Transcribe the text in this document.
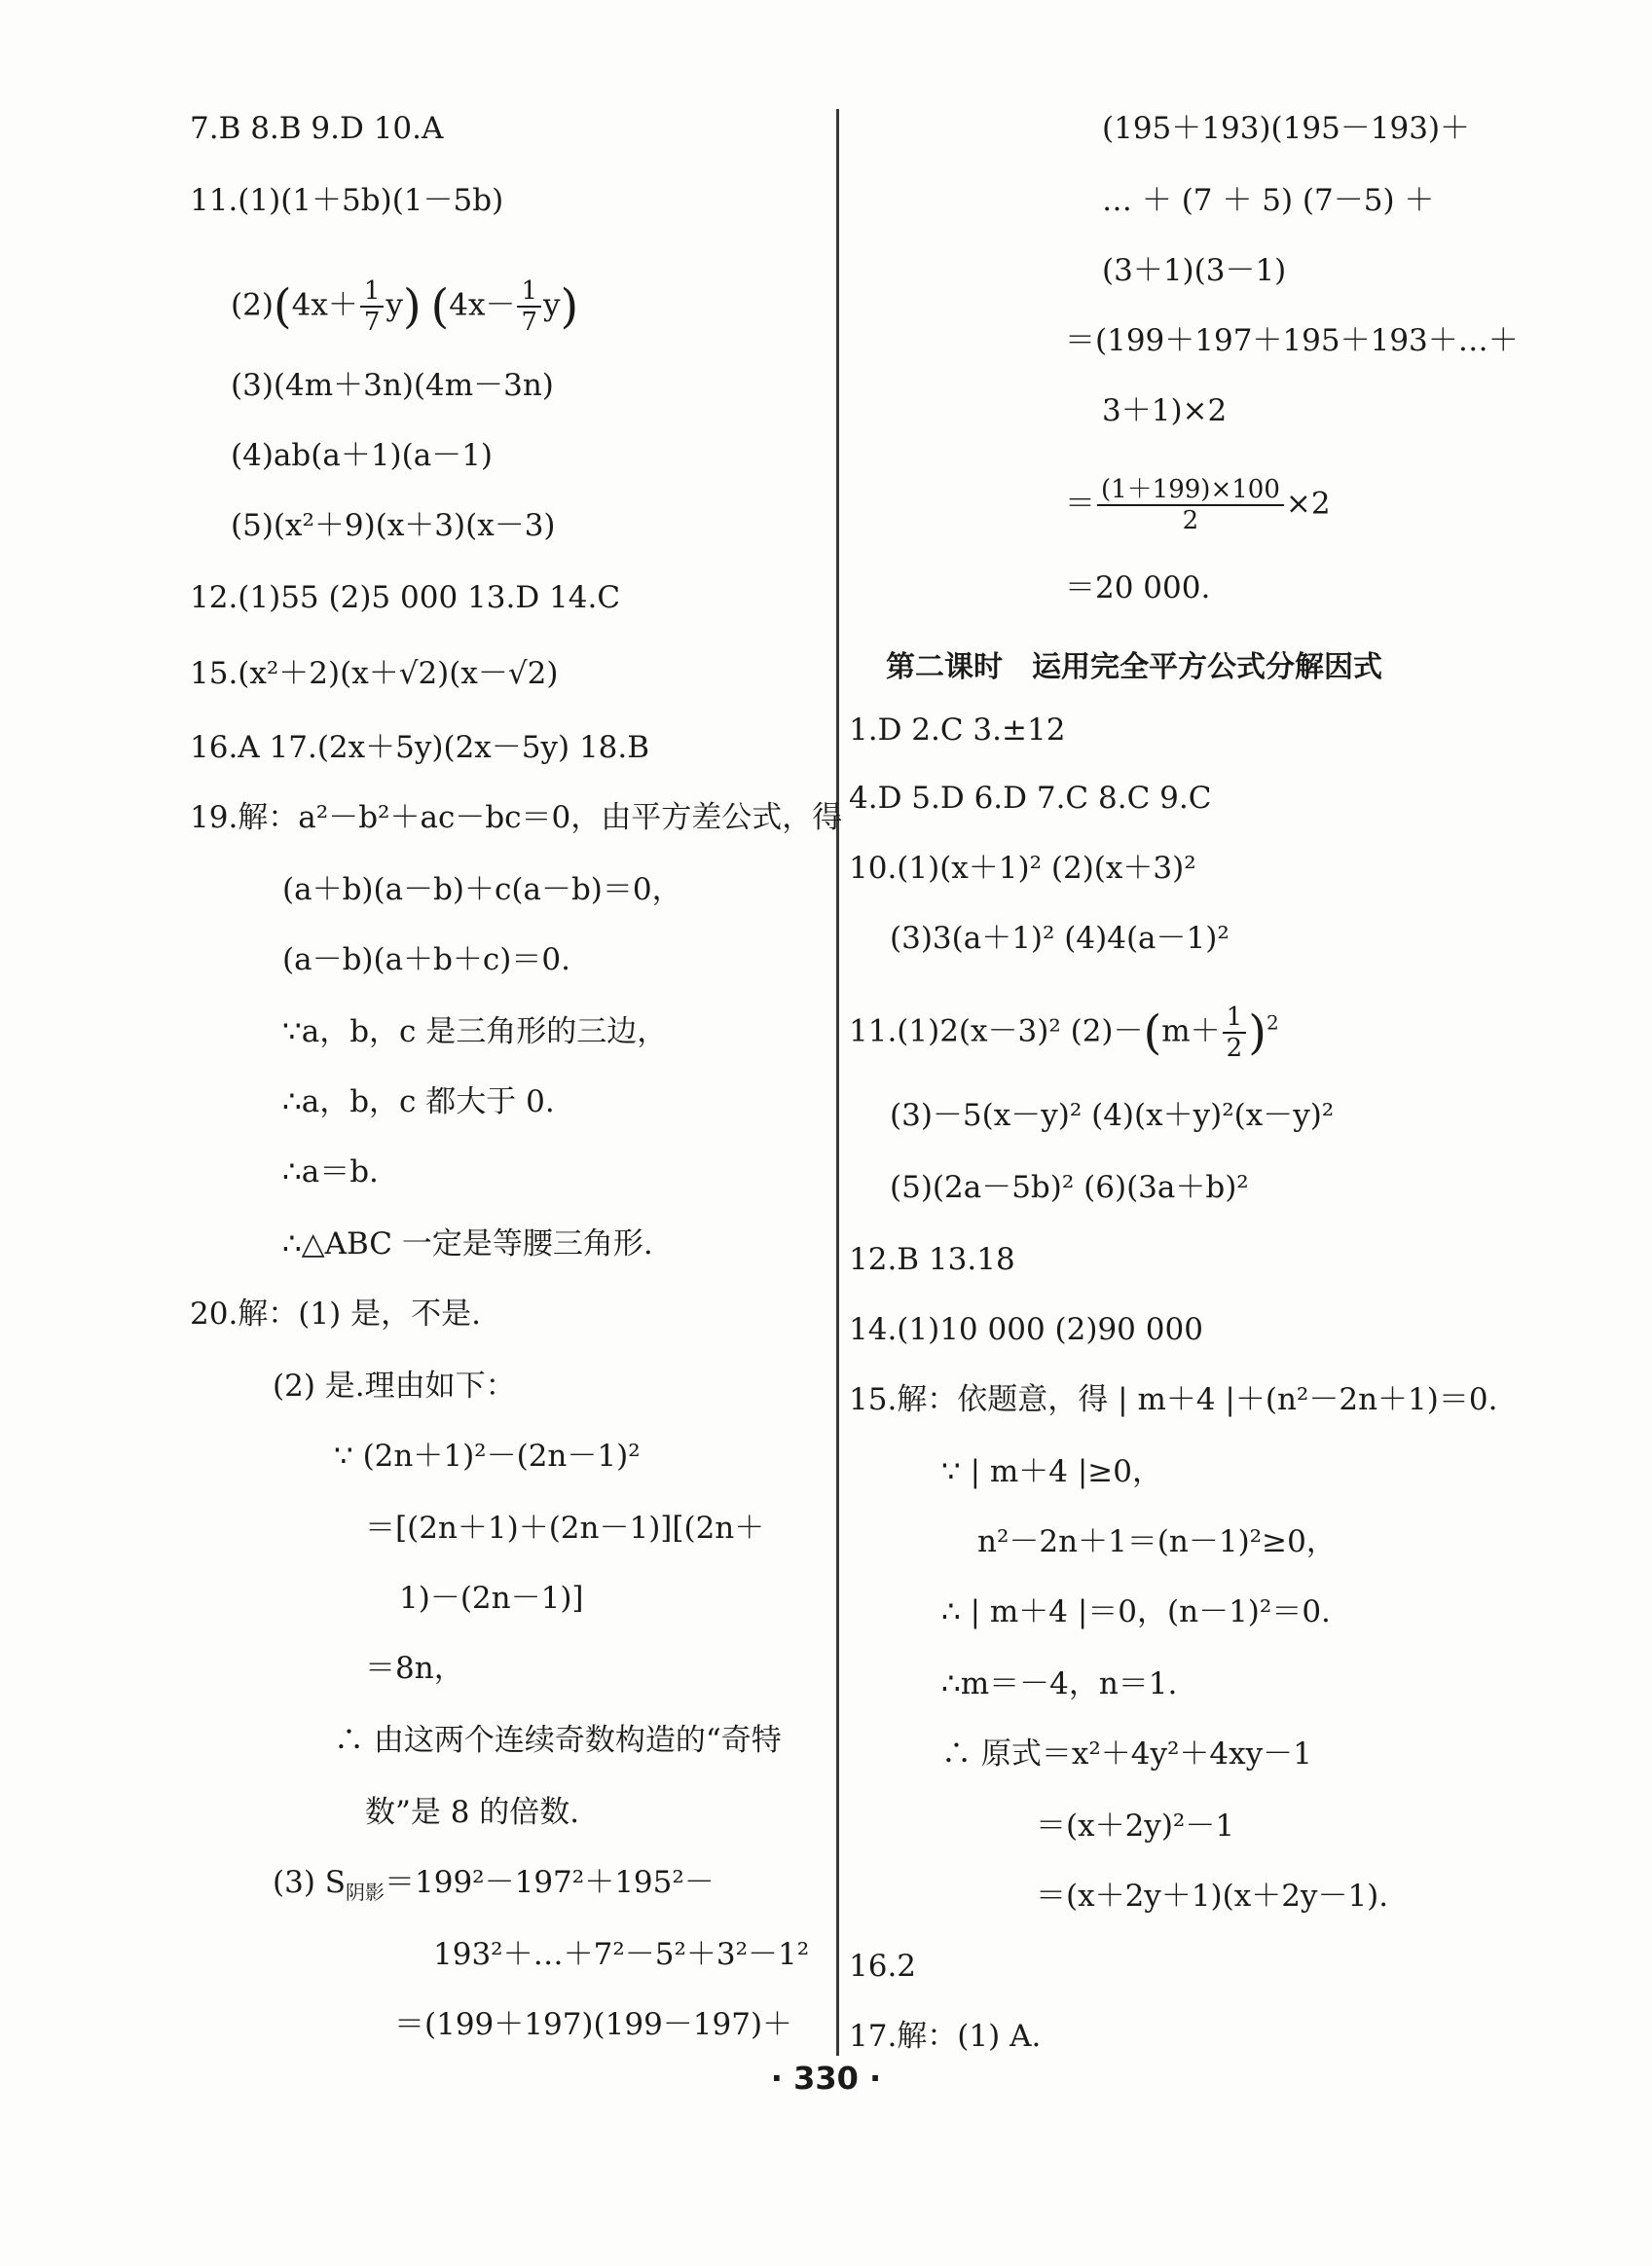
7.B 8.B 9.D 10.A
11.(1)(1＋5b)(1－5b)
$(2)(4x+ \frac{1}{7} y)$ $(4x- \frac{1}{7} y)$
(3)(4m＋3n)(4m－3n)
(4)ab(a＋1)(a－1)
(5)(x²＋9)(x＋3)(x－3)
12.(1)55 (2)5 000 13.D 14.C
15.(x²＋2)(x＋√2)(x－√2)
16.A 17.(2x＋5y)(2x－5y) 18.B
19.解：a²－b²＋ac－bc＝0，由平方差公式，得
(a＋b)(a－b)＋c(a－b)＝0，
(a－b)(a＋b＋c)＝0.
∵a，b，c 是三角形的三边，
∴a，b，c 都大于 0.
∴a＝b.
∴△ABC 一定是等腰三角形.
20.解：(1) 是，不是.
(2) 是.理由如下：
∵ (2n＋1)²－(2n－1)²
＝[(2n＋1)＋(2n－1)][(2n＋
1)－(2n－1)]
＝8n，
∴ 由这两个连续奇数构造的“奇特
数”是 8 的倍数.
(3) $S_{阴影}=199^2-197^2+195^2-$
193²＋…＋7²－5²＋3²－1²
＝(199＋197)(199－197)＋
(195＋193)(195－193)＋
… ＋ (7 ＋ 5) (7－5) ＋
(3＋1)(3－1)
＝(199＋197＋195＋193＋…＋
3＋1)×2
＝ $\frac{(1+199)\times 100}{2} \times 2$
＝20 000.
第二课时　运用完全平方公式分解因式
1.D 2.C 3.±12
4.D 5.D 6.D 7.C 8.C 9.C
10.(1)(x＋1)² (2)(x＋3)²
(3)3(a＋1)² (4)4(a－1)²
11.(1)2(x－3)² $(2)-(m+ \frac{1}{2} )^2$
(3)－5(x－y)² (4)(x＋y)²(x－y)²
(5)(2a－5b)² (6)(3a＋b)²
12.B 13.18
14.(1)10 000 (2)90 000
15.解：依题意，得 | m＋4 |＋(n²－2n＋1)＝0.
∵ | m＋4 |≥0，
n²－2n＋1＝(n－1)²≥0，
∴ | m＋4 |＝0，(n－1)²＝0.
∴m＝－4，n＝1.
∴ 原式＝x²＋4y²＋4xy－1
＝(x＋2y)²－1
＝(x＋2y＋1)(x＋2y－1).
16.2
17.解：(1) A.
· 330 ·
